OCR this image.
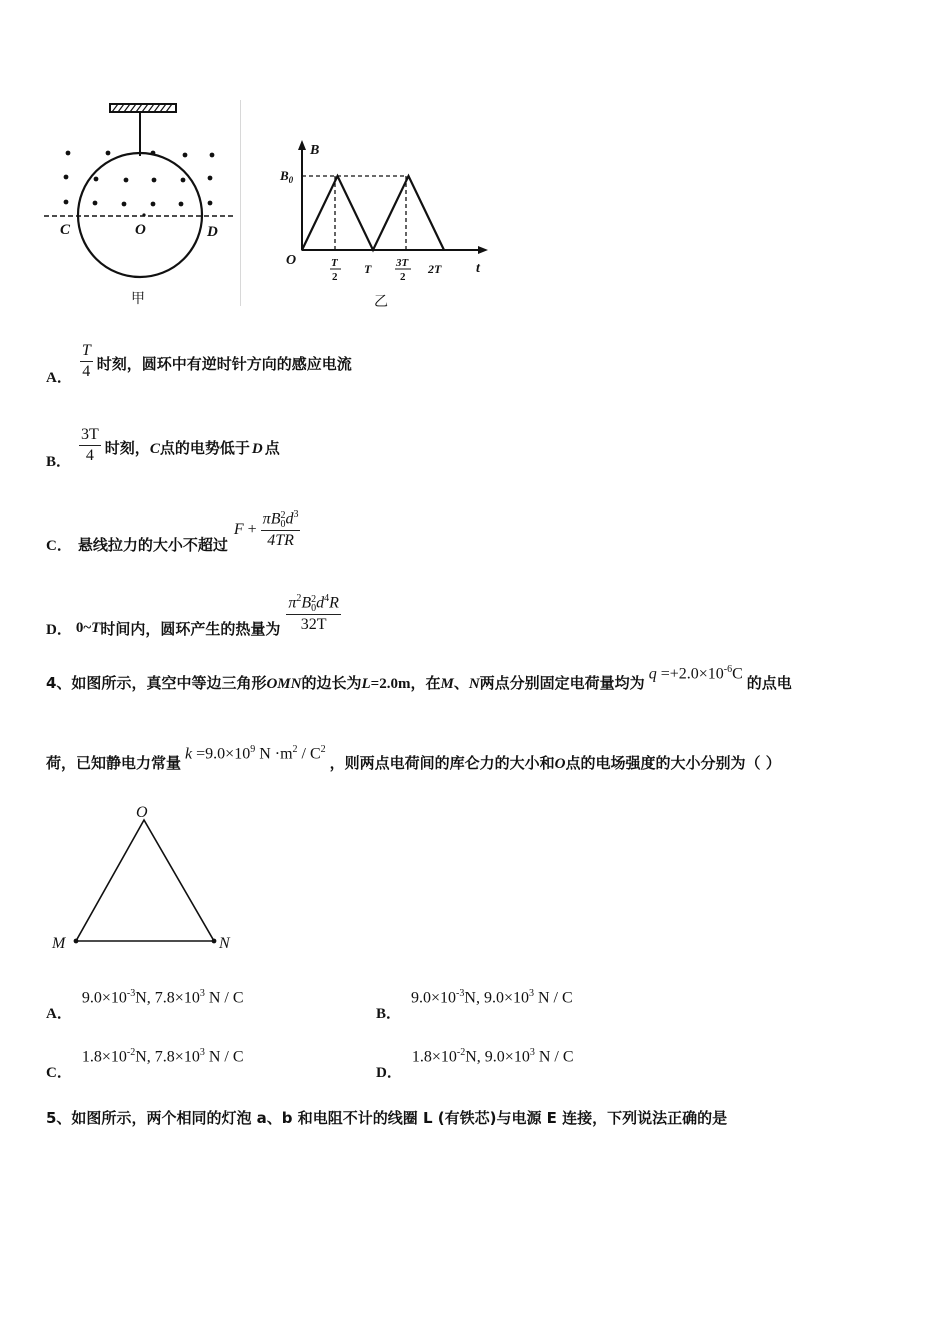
C	O	D
甲
B
$B_0$
O
t
T
2
T 3T
2
2T
乙
A． $\frac{T}{4}$ 时刻，圆环中有逆时针方向的感应电流
B． $\frac{3T}{4}$ 时刻，C点的电势低于 D 点
C． 悬线拉力的大小不超过
F + πB 2
0 $d^3$
4TR
D． 0~T 时间内，圆环产生的热量为 $\pi^2B$ 2
0 $d^4R$
32T
4、如图所示，真空中等边三角形 OMN 的边长为 L=2.0m ，在 M 、 N 两点分别固定电荷量均为
$q =+2.0\times 10^{-6}C$
的点电
荷，已知静电力常量
$k =9.0\times 10^9$ $N \cdot m^2 / C^2$
，则两点电荷间的库仑力的大小和 O 点的电场强度的大小分别为（ ）
O
M	N
A．
$9.0\times 10^{-3}N$, $7.8\times 10^3$ N / C
B．
$9.0\times 10^{-3}N$, $9.0\times 10^3$ N / C
C．
$1.8\times 10^{-2}N$, $7.8\times 10^3$ N / C
D．
$1.8\times 10^{-2}N$, $9.0\times 10^3$ N / C
5、如图所示，两个相同的灯泡 a、b 和电阻不计的线圈 L (有铁芯)与电源 E 连接，下列说法正确的是
